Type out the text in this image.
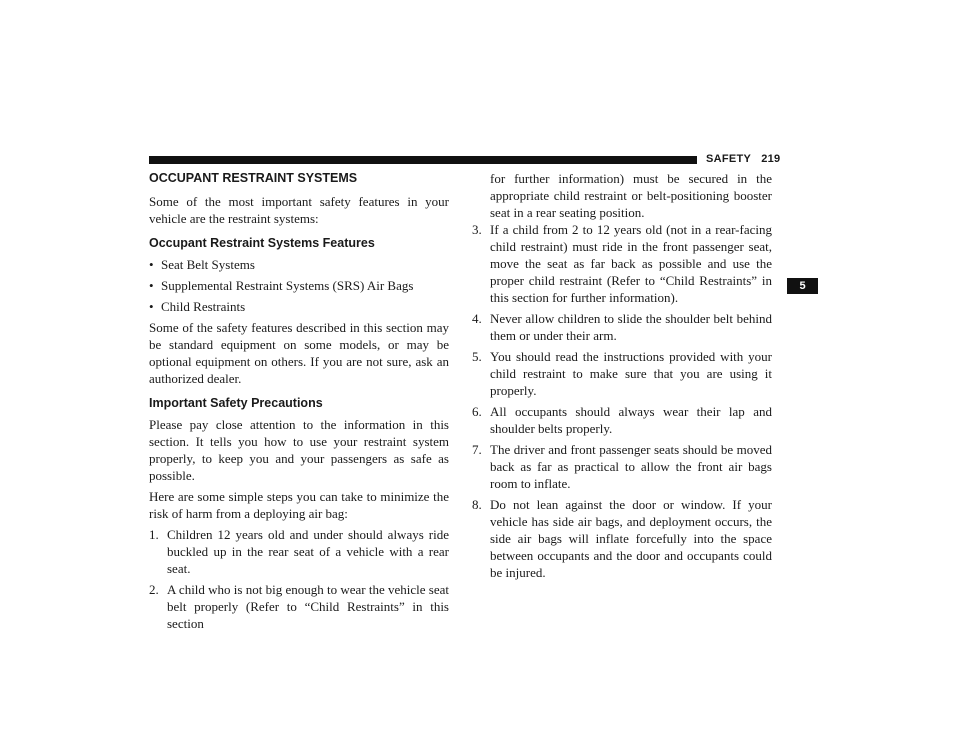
SAFETY 219
5
OCCUPANT RESTRAINT SYSTEMS

Some of the most important safety features in your vehicle are the restraint systems:

Occupant Restraint Systems Features
• Seat Belt Systems
• Supplemental Restraint Systems (SRS) Air Bags
• Child Restraints

Some of the safety features described in this section may be standard equipment on some models, or may be optional equipment on others. If you are not sure, ask an authorized dealer.

Important Safety Precautions

Please pay close attention to the information in this section. It tells you how to use your restraint system properly, to keep you and your passengers as safe as possible.

Here are some simple steps you can take to minimize the risk of harm from a deploying air bag:

1. Children 12 years old and under should always ride buckled up in the rear seat of a vehicle with a rear seat.
2. A child who is not big enough to wear the vehicle seat belt properly (Refer to “Child Restraints” in this section

for further information) must be secured in the appropriate child restraint or belt-positioning booster seat in a rear seating position.

3. If a child from 2 to 12 years old (not in a rear-facing child restraint) must ride in the front passenger seat, move the seat as far back as possible and use the proper child restraint (Refer to “Child Restraints” in this section for further information).
4. Never allow children to slide the shoulder belt behind them or under their arm.
5. You should read the instructions provided with your child restraint to make sure that you are using it properly.
6. All occupants should always wear their lap and shoulder belts properly.
7. The driver and front passenger seats should be moved back as far as practical to allow the front air bags room to inflate.
8. Do not lean against the door or window. If your vehicle has side air bags, and deployment occurs, the side air bags will inflate forcefully into the space between occupants and the door and occupants could be injured.
